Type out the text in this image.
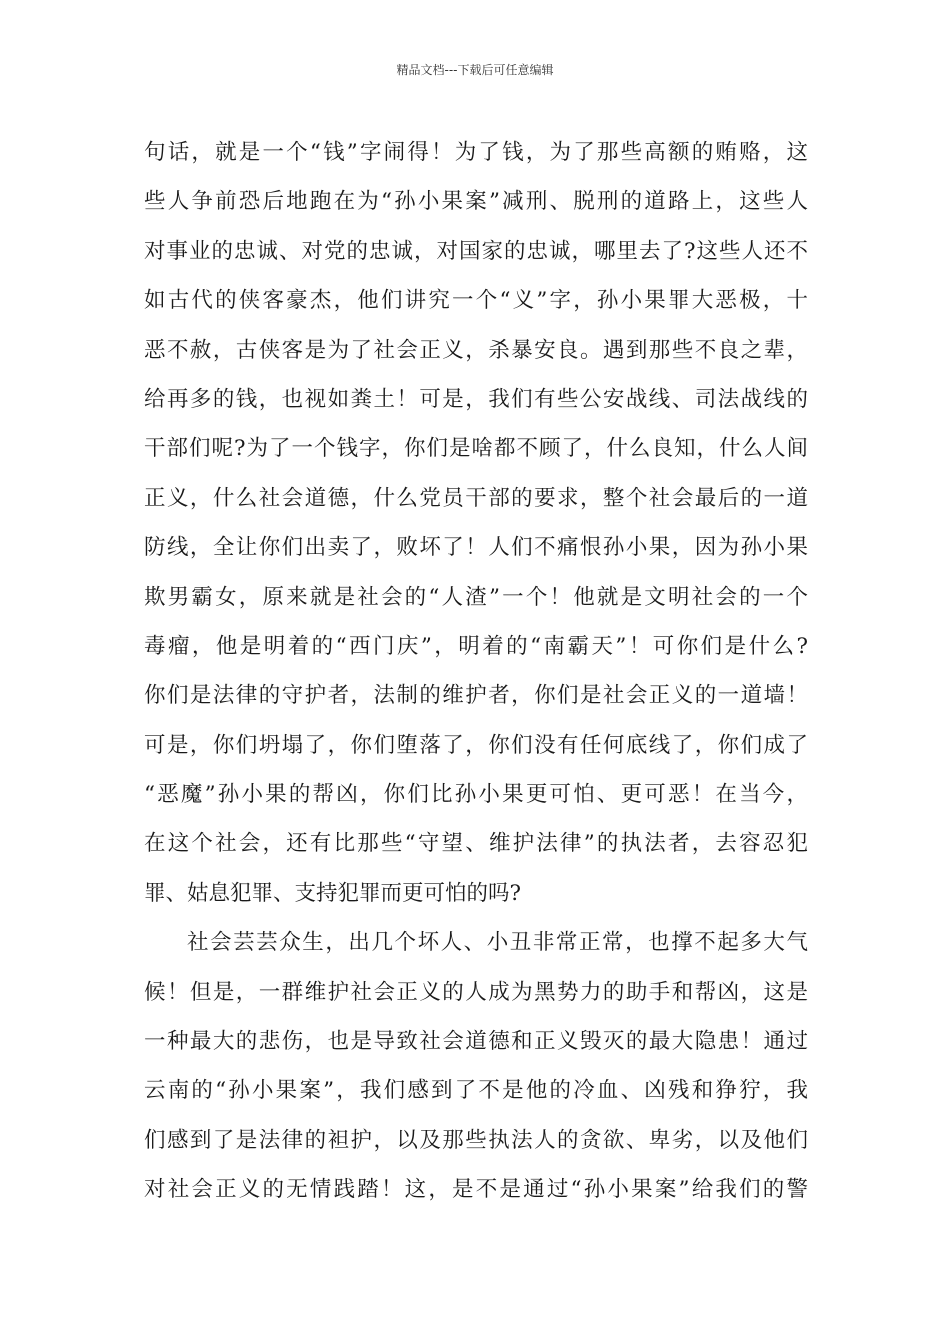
精品文档---下载后可任意编辑
句话，就是一个“钱”字闹得！为了钱，为了那些高额的贿赂，这
些人争前恐后地跑在为“孙小果案”减刑、脱刑的道路上，这些人
对事业的忠诚、对党的忠诚，对国家的忠诚，哪里去了?这些人还不
如古代的侠客豪杰，他们讲究一个“义”字，孙小果罪大恶极，十
恶不赦，古侠客是为了社会正义，杀暴安良。遇到那些不良之辈，
给再多的钱，也视如粪土！可是，我们有些公安战线、司法战线的
干部们呢?为了一个钱字，你们是啥都不顾了，什么良知，什么人间
正义，什么社会道德，什么党员干部的要求，整个社会最后的一道
防线，全让你们出卖了，败坏了！人们不痛恨孙小果，因为孙小果
欺男霸女，原来就是社会的“人渣”一个！他就是文明社会的一个
毒瘤，他是明着的“西门庆”，明着的“南霸天”！可你们是什么?
你们是法律的守护者，法制的维护者，你们是社会正义的一道墙！
可是，你们坍塌了，你们堕落了，你们没有任何底线了，你们成了
“恶魔”孙小果的帮凶，你们比孙小果更可怕、更可恶！在当今，
在这个社会，还有比那些“守望、维护法律”的执法者，去容忍犯
罪、姑息犯罪、支持犯罪而更可怕的吗?
社会芸芸众生，出几个坏人、小丑非常正常，也撑不起多大气
候！但是，一群维护社会正义的人成为黑势力的助手和帮凶，这是
一种最大的悲伤，也是导致社会道德和正义毁灭的最大隐患！通过
云南的“孙小果案”，我们感到了不是他的冷血、凶残和狰狞，我
们感到了是法律的袒护，以及那些执法人的贪欲、卑劣，以及他们
对社会正义的无情践踏！这，是不是通过“孙小果案”给我们的警
